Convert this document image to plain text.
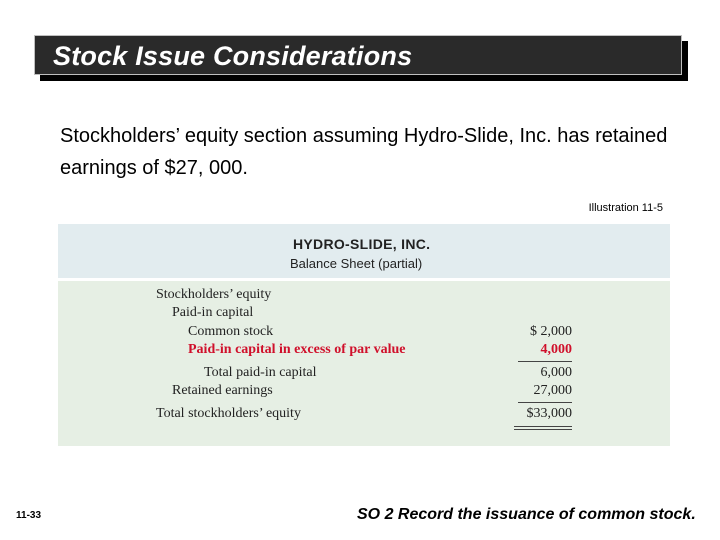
Stock Issue Considerations
Stockholders’ equity section assuming Hydro-Slide, Inc. has retained earnings of $27, 000.
Illustration 11-5
HYDRO-SLIDE, INC.
Balance Sheet (partial)
Stockholders’ equity
Paid-in capital
Common stock
Paid-in capital in excess of par value
Total paid-in capital
Retained earnings
Total stockholders’ equity
$ 2,000
4,000
6,000
27,000
$33,000
11-33	SO 2 Record the issuance of common stock.
